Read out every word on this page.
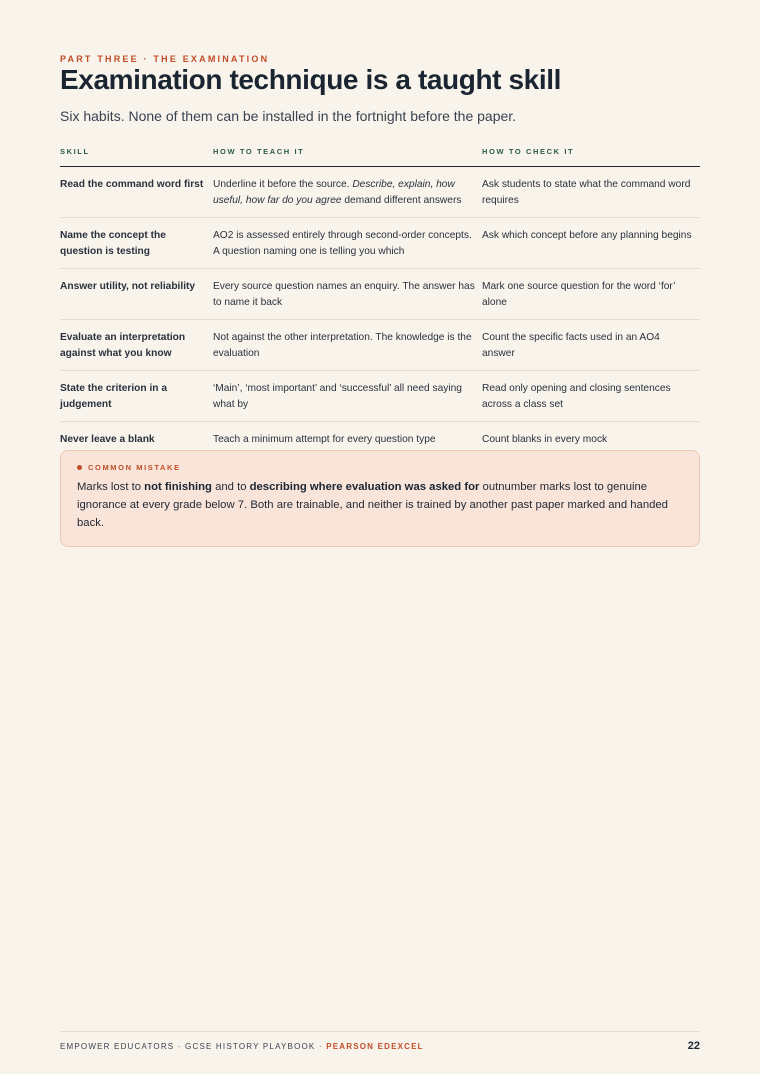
PART THREE · THE EXAMINATION
Examination technique is a taught skill
Six habits. None of them can be installed in the fortnight before the paper.
SKILL	HOW TO TEACH IT	HOW TO CHECK IT
Read the command word first	Underline it before the source. Describe, explain, how useful, how far do you agree demand different answers	Ask students to state what the command word requires
Name the concept the question is testing	AO2 is assessed entirely through second-order concepts. A question naming one is telling you which	Ask which concept before any planning begins
Answer utility, not reliability	Every source question names an enquiry. The answer has to name it back	Mark one source question for the word ‘for’ alone
Evaluate an interpretation against what you know	Not against the other interpretation. The knowledge is the evaluation	Count the specific facts used in an AO4 answer
State the criterion in a judgement	‘Main’, ‘most important’ and ‘successful’ all need saying what by	Read only opening and closing sentences across a class set
Never leave a blank	Teach a minimum attempt for every question type	Count blanks in every mock
COMMON MISTAKE
Marks lost to not finishing and to describing where evaluation was asked for outnumber marks lost to genuine ignorance at every grade below 7. Both are trainable, and neither is trained by another past paper marked and handed back.
EMPOWER EDUCATORS · GCSE HISTORY PLAYBOOK · PEARSON EDEXCEL	22
